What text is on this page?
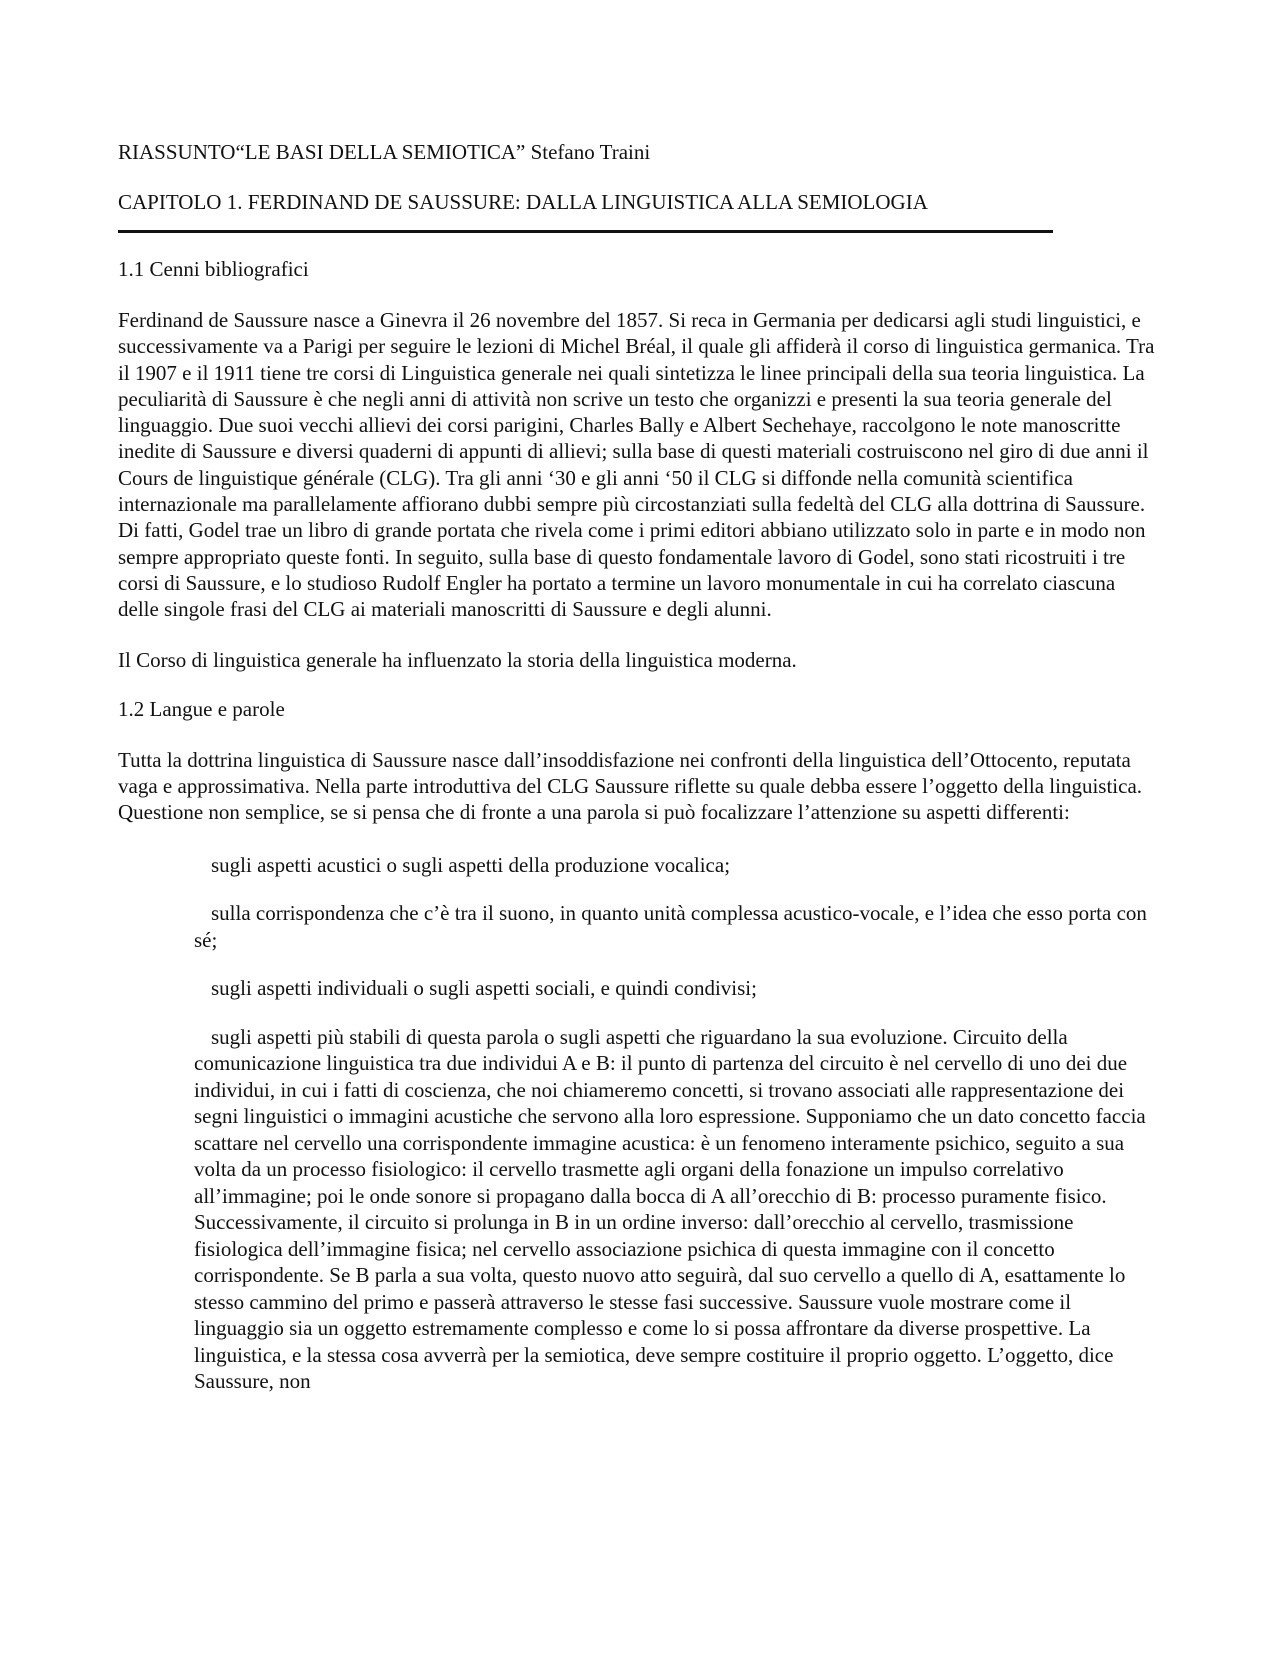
RIASSUNTO“LE BASI DELLA SEMIOTICA” Stefano Traini

CAPITOLO 1. FERDINAND DE SAUSSURE: DALLA LINGUISTICA ALLA SEMIOLOGIA

1.1 Cenni bibliografici

Ferdinand de Saussure nasce a Ginevra il 26 novembre del 1857. Si reca in Germania per dedicarsi agli studi linguistici, e successivamente va a Parigi per seguire le lezioni di Michel Bréal, il quale gli affiderà il corso di linguistica germanica. Tra il 1907 e il 1911 tiene tre corsi di Linguistica generale nei quali sintetizza le linee principali della sua teoria linguistica. La peculiarità di Saussure è che negli anni di attività non scrive un testo che organizzi e presenti la sua teoria generale del linguaggio. Due suoi vecchi allievi dei corsi parigini, Charles Bally e Albert Sechehaye, raccolgono le note manoscritte inedite di Saussure e diversi quaderni di appunti di allievi; sulla base di questi materiali costruiscono nel giro di due anni il Cours de linguistique générale (CLG). Tra gli anni ‘30 e gli anni ‘50 il CLG si diffonde nella comunità scientifica internazionale ma parallelamente affiorano dubbi sempre più circostanziati sulla fedeltà del CLG alla dottrina di Saussure. Di fatti, Godel trae un libro di grande portata che rivela come i primi editori abbiano utilizzato solo in parte e in modo non sempre appropriato queste fonti. In seguito, sulla base di questo fondamentale lavoro di Godel, sono stati ricostruiti i tre corsi di Saussure, e lo studioso Rudolf Engler ha portato a termine un lavoro monumentale in cui ha correlato ciascuna delle singole frasi del CLG ai materiali manoscritti di Saussure e degli alunni.

Il Corso di linguistica generale ha influenzato la storia della linguistica moderna.

1.2 Langue e parole

Tutta la dottrina linguistica di Saussure nasce dall’insoddisfazione nei confronti della linguistica dell’Ottocento, reputata vaga e approssimativa. Nella parte introduttiva del CLG Saussure riflette su quale debba essere l’oggetto della linguistica. Questione non semplice, se si pensa che di fronte a una parola si può focalizzare l’attenzione su aspetti differenti:

sugli aspetti acustici o sugli aspetti della produzione vocalica;
sulla corrispondenza che c’è tra il suono, in quanto unità complessa acustico-vocale, e l’idea che esso porta con sé;
sugli aspetti individuali o sugli aspetti sociali, e quindi condivisi;
sugli aspetti più stabili di questa parola o sugli aspetti che riguardano la sua evoluzione. Circuito della comunicazione linguistica tra due individui A e B: il punto di partenza del circuito è nel cervello di uno dei due individui, in cui i fatti di coscienza, che noi chiameremo concetti, si trovano associati alle rappresentazione dei segni linguistici o immagini acustiche che servono alla loro espressione. Supponiamo che un dato concetto faccia scattare nel cervello una corrispondente immagine acustica: è un fenomeno interamente psichico, seguito a sua volta da un processo fisiologico: il cervello trasmette agli organi della fonazione un impulso correlativo all’immagine; poi le onde sonore si propagano dalla bocca di A all’orecchio di B: processo puramente fisico. Successivamente, il circuito si prolunga in B in un ordine inverso: dall’orecchio al cervello, trasmissione fisiologica dell’immagine fisica; nel cervello associazione psichica di questa immagine con il concetto corrispondente. Se B parla a sua volta, questo nuovo atto seguirà, dal suo cervello a quello di A, esattamente lo stesso cammino del primo e passerà attraverso le stesse fasi successive. Saussure vuole mostrare come il linguaggio sia un oggetto estremamente complesso e come lo si possa affrontare da diverse prospettive. La linguistica, e la stessa cosa avverrà per la semiotica, deve sempre costituire il proprio oggetto. L’oggetto, dice Saussure, non
